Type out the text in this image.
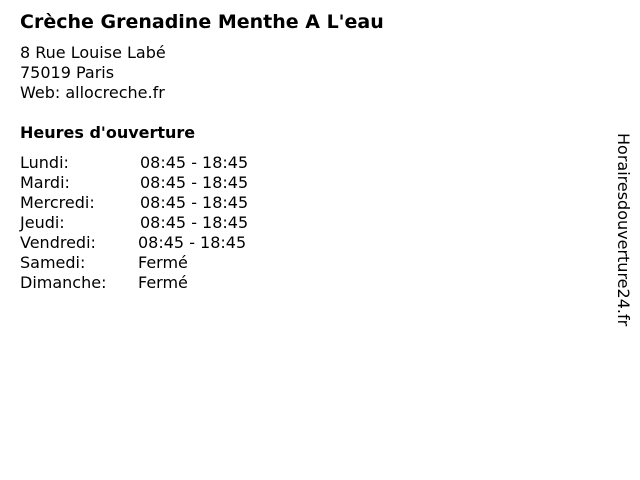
Crèche Grenadine Menthe A L'eau
8 Rue Louise Labé
75019 Paris
Web: allocreche.fr
Heures d'ouverture
Lundi:	08:45 - 18:45
Mardi:	08:45 - 18:45
Mercredi:	08:45 - 18:45
Jeudi:	08:45 - 18:45
Vendredi:	08:45 - 18:45
Samedi:	Fermé
Dimanche: Fermé	Horairesdouverture24.fr
